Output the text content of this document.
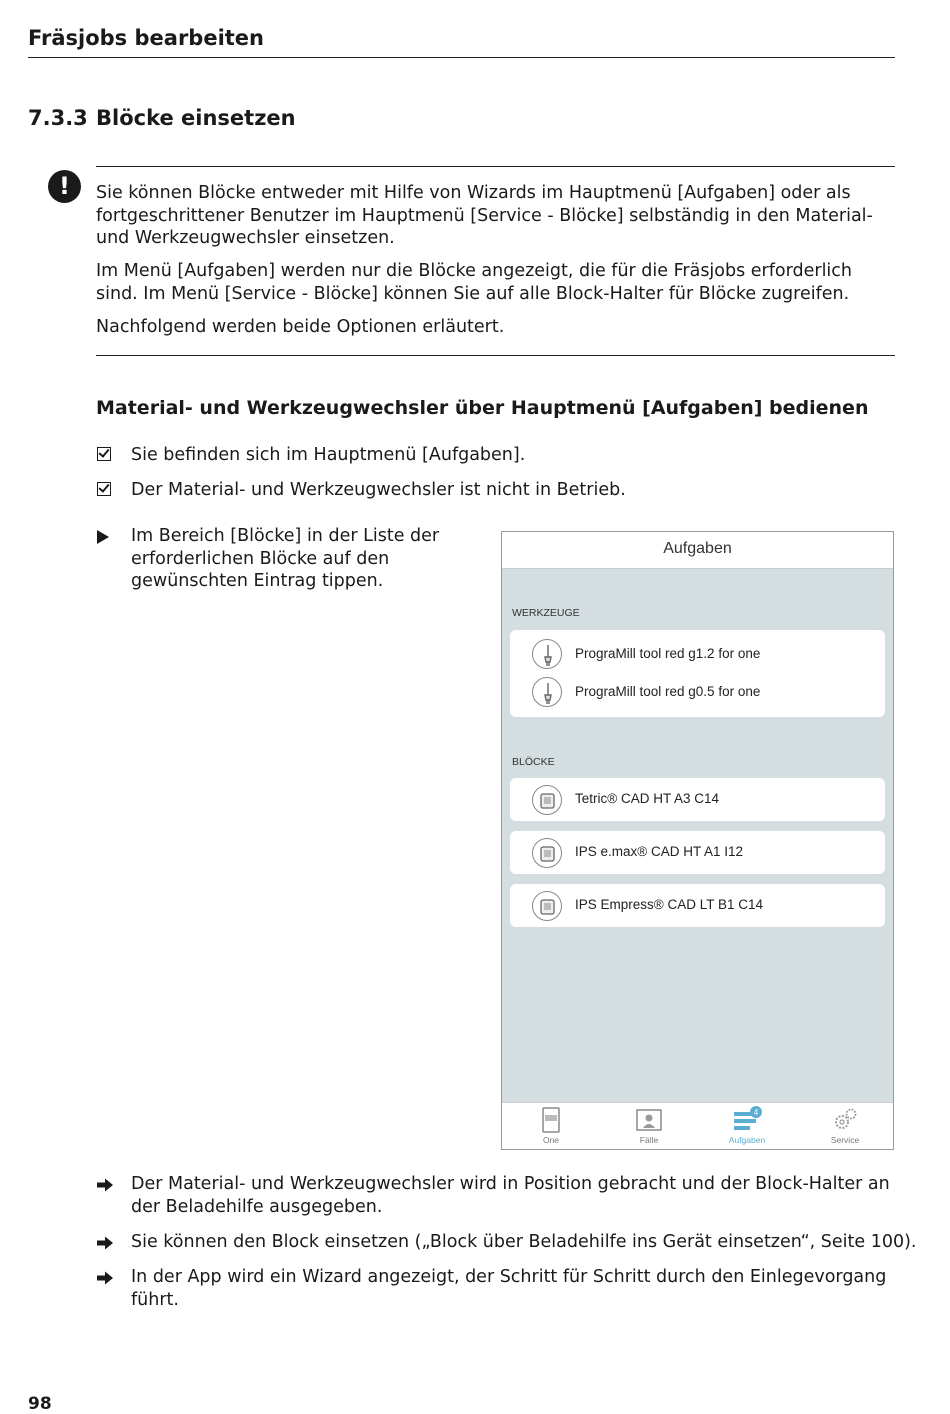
Fräsjobs bearbeiten
7.3.3 Blöcke einsetzen
!	Sie können Blöcke entweder mit Hilfe von Wizards im Hauptmenü [Aufgaben] oder als fortgeschrittener Benutzer im Hauptmenü [Service - Blöcke] selbständig in den Material- und Werkzeugwechsler einsetzen.
Im Menü [Aufgaben] werden nur die Blöcke angezeigt, die für die Fräsjobs erforderlich sind. Im Menü [Service - Blöcke] können Sie auf alle Block-Halter für Blöcke zugreifen.
Nachfolgend werden beide Optionen erläutert.
Material- und Werkzeugwechsler über Hauptmenü [Aufgaben] bedienen
Sie befinden sich im Hauptmenü [Aufgaben].
Der Material- und Werkzeugwechsler ist nicht in Betrieb.
Im Bereich [Blöcke] in der Liste der erforderlichen Blöcke auf den gewünschten Eintrag tippen.
Aufgaben
WERKZEUGE
PrograMill tool red g1.2 for one
PrograMill tool red g0.5 for one
BLÖCKE
Tetric® CAD HT A3 C14
IPS e.max® CAD HT A1 I12
IPS Empress® CAD LT B1 C14
One	Fälle
4
Aufgaben	Service
Der Material- und Werkzeugwechsler wird in Position gebracht und der Block-Halter an der Beladehilfe ausgegeben.
Sie können den Block einsetzen („Block über Beladehilfe ins Gerät einsetzen“, Seite 100).
In der App wird ein Wizard angezeigt, der Schritt für Schritt durch den Einlegevorgang führt.
98
